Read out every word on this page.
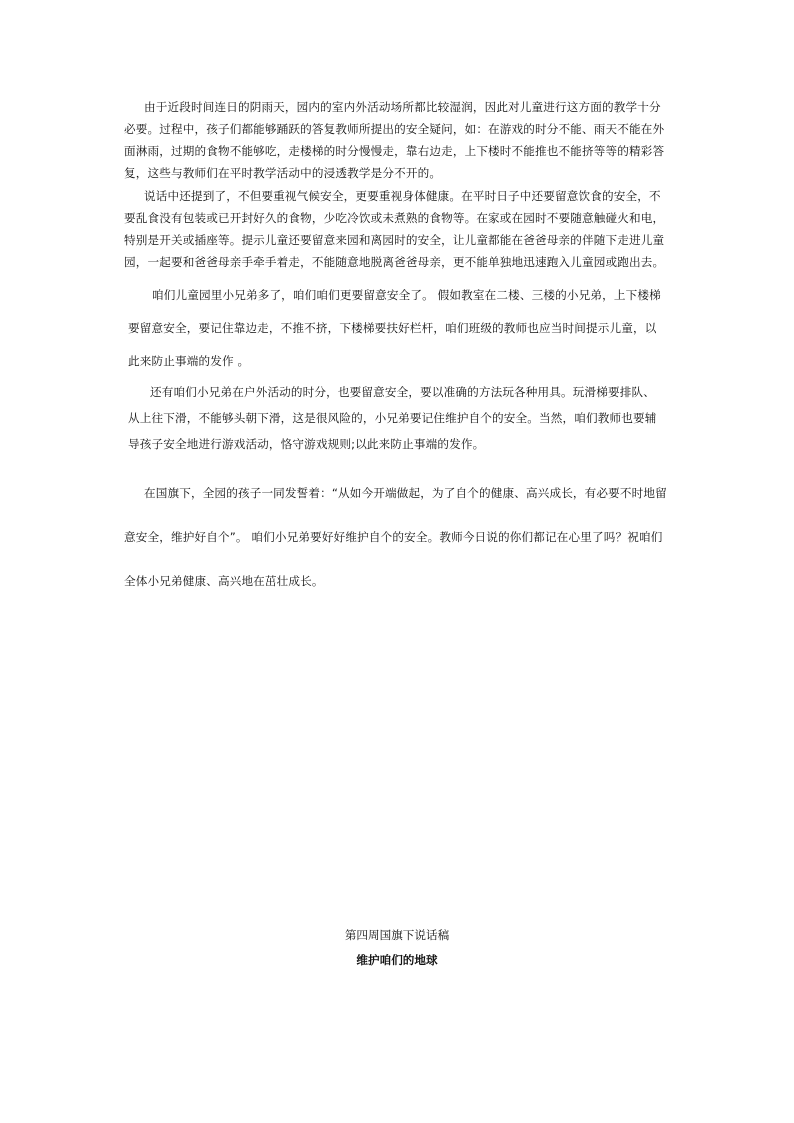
由于近段时间连日的阴雨天，园内的室内外活动场所都比较湿润，因此对儿童进行这方面的教学十分
必要。过程中，孩子们都能够踊跃的答复教师所提出的安全疑问，如：在游戏的时分不能、雨天不能在外
面淋雨，过期的食物不能够吃，走楼梯的时分慢慢走，靠右边走，上下楼时不能推也不能挤等等的精彩答
复，这些与教师们在平时教学活动中的浸透教学是分不开的。
说话中还提到了，不但要重视气候安全，更要重视身体健康。在平时日子中还要留意饮食的安全，不
要乱食没有包装或已开封好久的食物，少吃冷饮或未煮熟的食物等。在家或在园时不要随意触碰火和电，
特别是开关或插座等。提示儿童还要留意来园和离园时的安全，让儿童都能在爸爸母亲的伴随下走进儿童
园，一起要和爸爸母亲手牵手着走，不能随意地脱离爸爸母亲，更不能单独地迅速跑入儿童园或跑出去。
咱们儿童园里小兄弟多了，咱们咱们更要留意安全了。 假如教室在二楼、三楼的小兄弟，上下楼梯
要留意安全，要记住靠边走，不推不挤，下楼梯要扶好栏杆，咱们班级的教师也应当时间提示儿童，以
此来防止事端的发作 。
还有咱们小兄弟在户外活动的时分，也要留意安全，要以准确的方法玩各种用具。玩滑梯要排队、
从上往下滑，不能够头朝下滑，这是很风险的，小兄弟要记住维护自个的安全。当然，咱们教师也要辅
导孩子安全地进行游戏活动，恪守游戏规则;以此来防止事端的发作。
在国旗下，全园的孩子一同发誓着：“从如今开端做起，为了自个的健康、高兴成长，有必要不时地留
意安全，维护好自个”。 咱们小兄弟要好好维护自个的安全。教师今日说的你们都记在心里了吗？祝咱们
全体小兄弟健康、高兴地在茁壮成长。
第四周国旗下说话稿
维护咱们的地球
